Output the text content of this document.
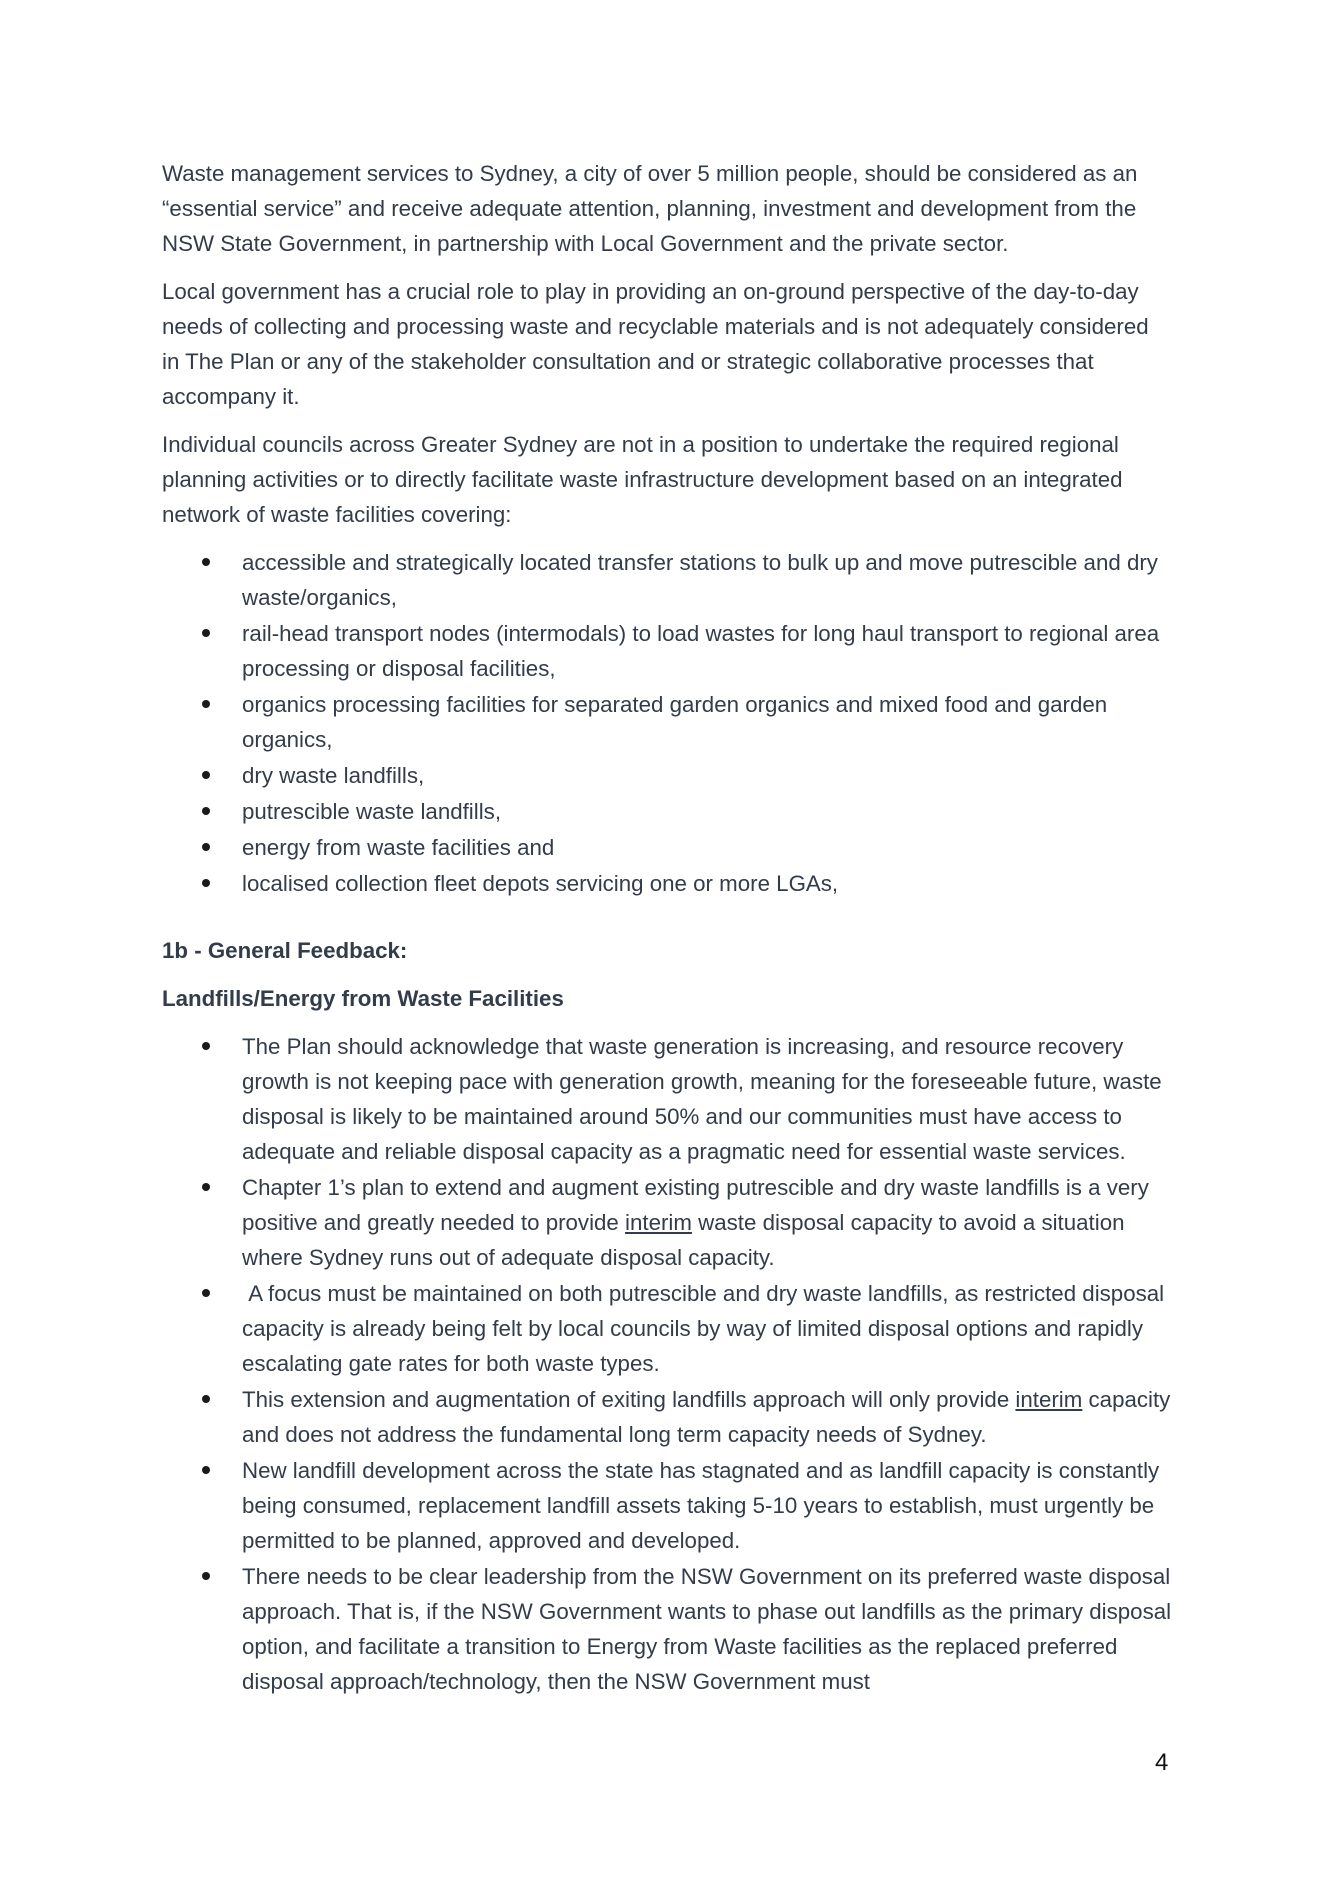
Waste management services to Sydney, a city of over 5 million people, should be considered as an “essential service” and receive adequate attention, planning, investment and development from the NSW State Government, in partnership with Local Government and the private sector.

Local government has a crucial role to play in providing an on-ground perspective of the day-to-day needs of collecting and processing waste and recyclable materials and is not adequately considered in The Plan or any of the stakeholder consultation and or strategic collaborative processes that accompany it.

Individual councils across Greater Sydney are not in a position to undertake the required regional planning activities or to directly facilitate waste infrastructure development based on an integrated network of waste facilities covering:

accessible and strategically located transfer stations to bulk up and move putrescible and dry waste/organics,
rail-head transport nodes (intermodals) to load wastes for long haul transport to regional area processing or disposal facilities,
organics processing facilities for separated garden organics and mixed food and garden organics,
dry waste landfills,
putrescible waste landfills,
energy from waste facilities and
localised collection fleet depots servicing one or more LGAs,
1b - General Feedback:
Landfills/Energy from Waste Facilities
The Plan should acknowledge that waste generation is increasing, and resource recovery growth is not keeping pace with generation growth, meaning for the foreseeable future, waste disposal is likely to be maintained around 50% and our communities must have access to adequate and reliable disposal capacity as a pragmatic need for essential waste services.
Chapter 1’s plan to extend and augment existing putrescible and dry waste landfills is a very positive and greatly needed to provide interim waste disposal capacity to avoid a situation where Sydney runs out of adequate disposal capacity.
A focus must be maintained on both putrescible and dry waste landfills, as restricted disposal capacity is already being felt by local councils by way of limited disposal options and rapidly escalating gate rates for both waste types.
This extension and augmentation of exiting landfills approach will only provide interim capacity and does not address the fundamental long term capacity needs of Sydney.
New landfill development across the state has stagnated and as landfill capacity is constantly being consumed, replacement landfill assets taking 5-10 years to establish, must urgently be permitted to be planned, approved and developed.
There needs to be clear leadership from the NSW Government on its preferred waste disposal approach. That is, if the NSW Government wants to phase out landfills as the primary disposal option, and facilitate a transition to Energy from Waste facilities as the replaced preferred disposal approach/technology, then the NSW Government must
4
